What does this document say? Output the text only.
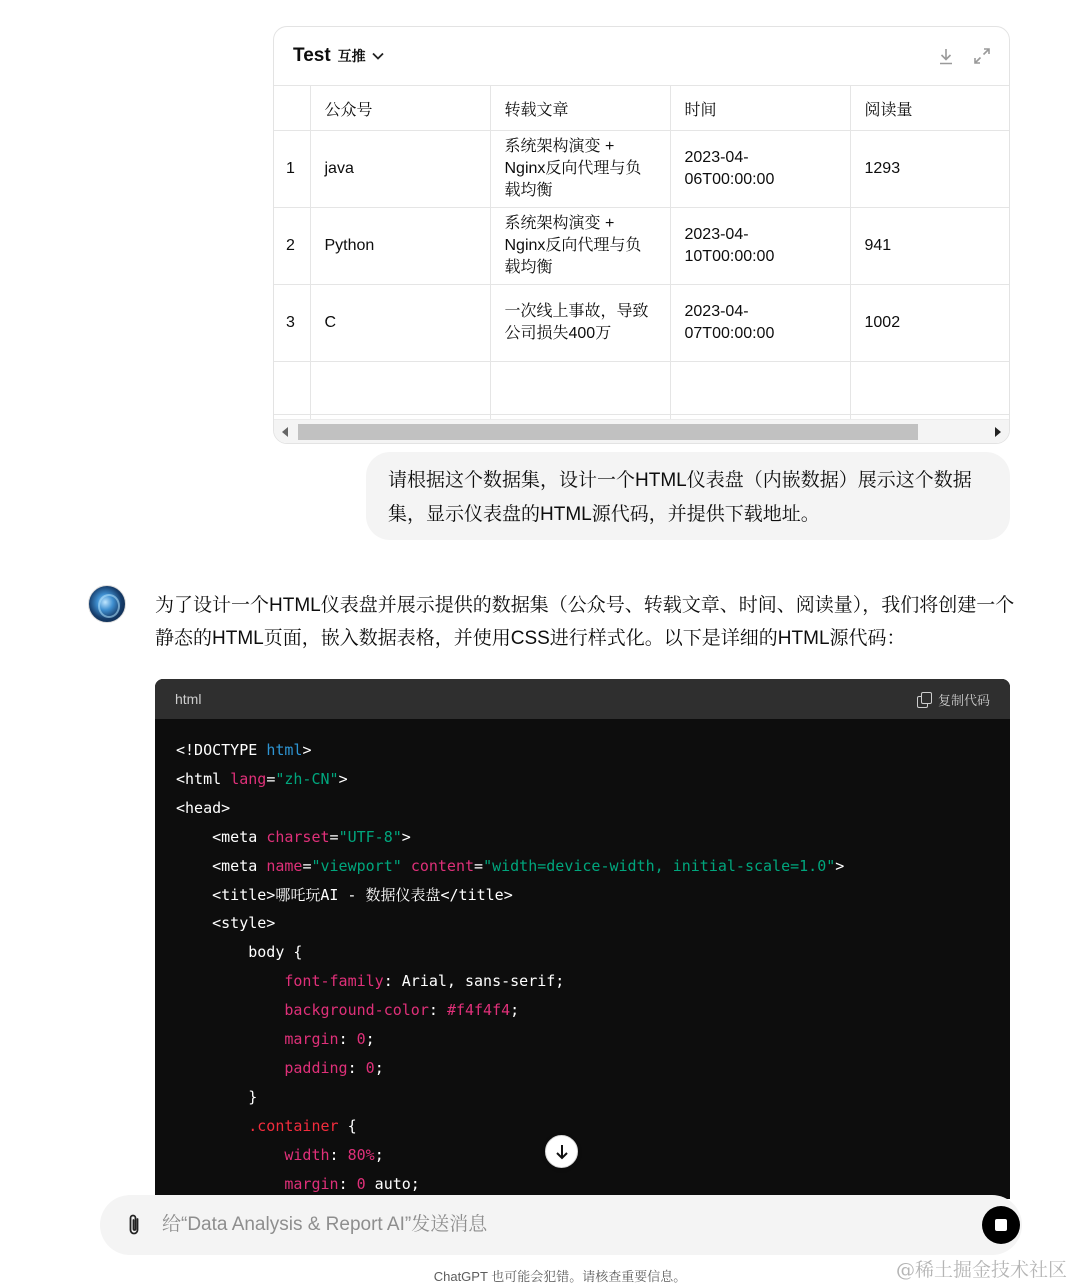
Test 互推
	公众号	转载文章	时间	阅读量
1	java	系统架构演变 + Nginx反向代理与负载均衡	2023-04-06T00:00:00	1293
2	Python	系统架构演变 + Nginx反向代理与负载均衡	2023-04-10T00:00:00	941
3	C	一次线上事故，导致公司损失400万	2023-04-07T00:00:00	1002

请根据这个数据集，设计一个HTML仪表盘（内嵌数据）展示这个数据集，显示仪表盘的HTML源代码，并提供下载地址。
为了设计一个HTML仪表盘并展示提供的数据集（公众号、转载文章、时间、阅读量），我们将创建一个静态的HTML页面，嵌入数据表格，并使用CSS进行样式化。以下是详细的HTML源代码：
html	复制代码
<!DOCTYPE html>
<html lang="zh-CN">
<head>
<meta charset="UTF-8">
<meta name="viewport" content="width=device-width, initial-scale=1.0">
<title>哪吒玩AI - 数据仪表盘</title>
<style>
body {
font-family: Arial, sans-serif;
background-color: #f4f4f4;
margin: 0;
padding: 0;
}
.container {
width: 80%;
margin: 0 auto;

给“Data Analysis & Report AI”发送消息
ChatGPT 也可能会犯错。请核查重要信息。	@稀土掘金技术社区
